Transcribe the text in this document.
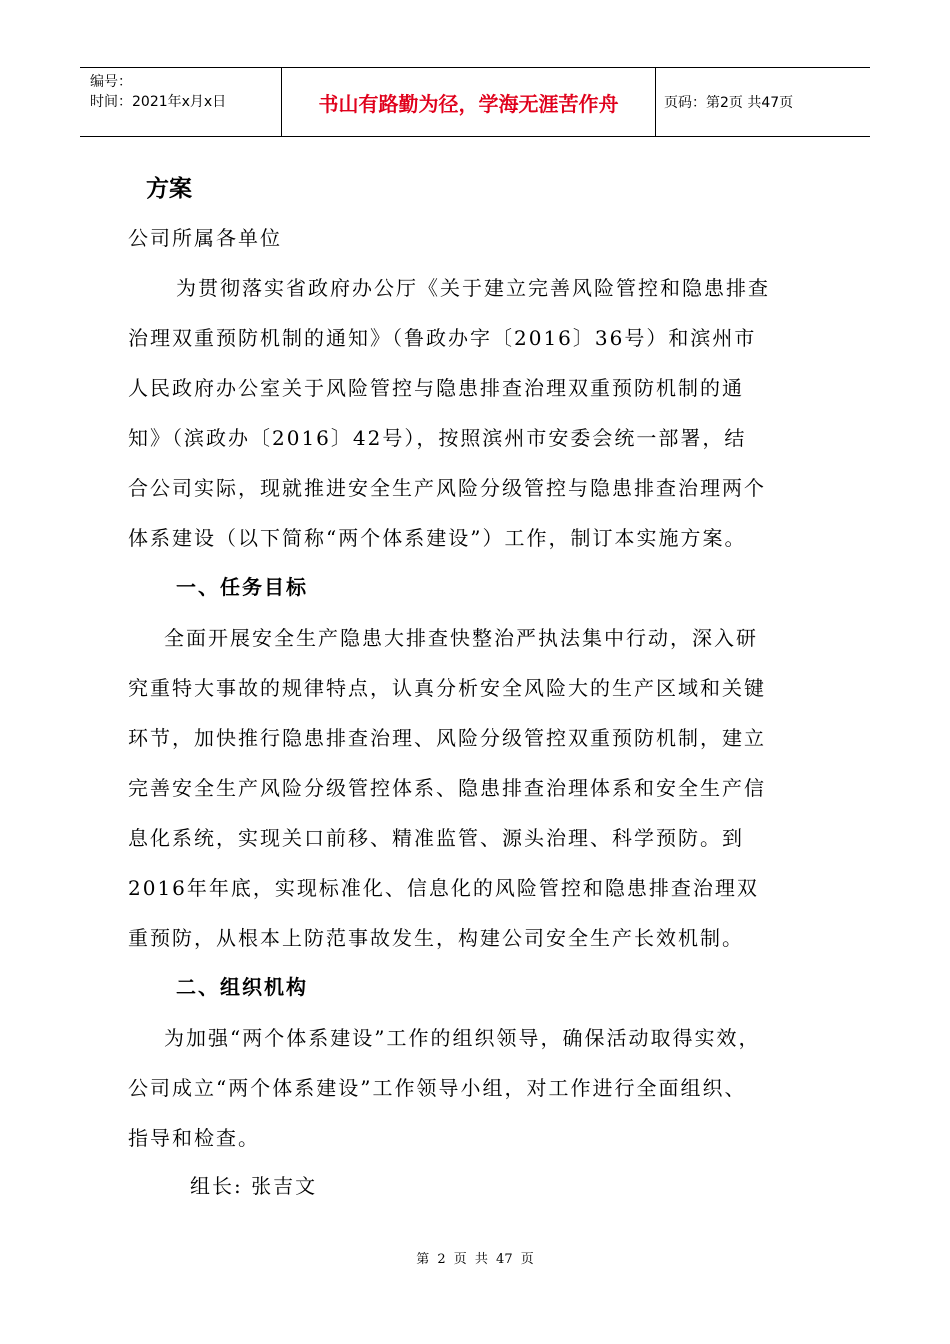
编号：
时间：2021年x月x日	书山有路勤为径，学海无涯苦作舟	页码：第2页 共47页
方案
公司所属各单位
为贯彻落实省政府办公厅《关于建立完善风险管控和隐患排查
治理双重预防机制的通知》（鲁政办字〔2016〕36号）和滨州市
人民政府办公室关于风险管控与隐患排查治理双重预防机制的通
知》（滨政办〔2016〕42号），按照滨州市安委会统一部署，结
合公司实际，现就推进安全生产风险分级管控与隐患排查治理两个
体系建设（以下简称“两个体系建设”）工作，制订本实施方案。
一、任务目标
全面开展安全生产隐患大排查快整治严执法集中行动，深入研
究重特大事故的规律特点，认真分析安全风险大的生产区域和关键
环节，加快推行隐患排查治理、风险分级管控双重预防机制，建立
完善安全生产风险分级管控体系、隐患排查治理体系和安全生产信
息化系统，实现关口前移、精准监管、源头治理、科学预防。到
2016年年底，实现标准化、信息化的风险管控和隐患排查治理双
重预防，从根本上防范事故发生，构建公司安全生产长效机制。
二、组织机构
为加强“两个体系建设”工作的组织领导，确保活动取得实效，
公司成立“两个体系建设”工作领导小组，对工作进行全面组织、
指导和检查。
组长: 张吉文
第 2 页 共 47 页
